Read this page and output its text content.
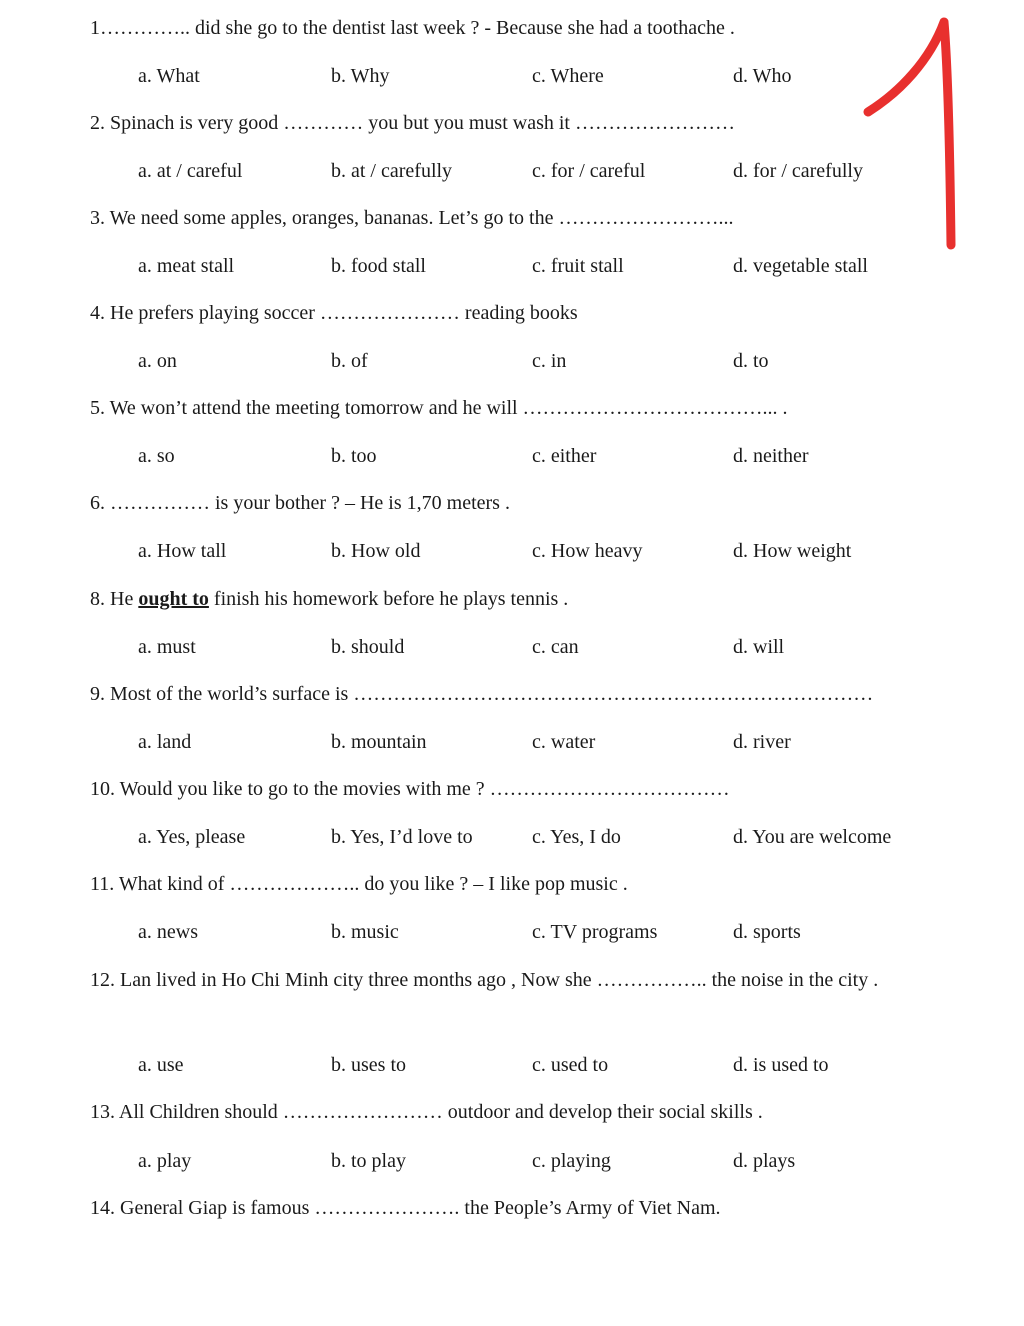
1………….. did she go to the dentist last week ? - Because she had a toothache .
a. What	b. Why	c. Where	d. Who
2. Spinach is very good ………… you but you must wash it ……………………
a. at / careful	b. at / carefully	c. for / careful	d. for / carefully
3. We need some apples, oranges, bananas. Let’s go to the ……………………...
a. meat stall	b. food stall	c. fruit stall	d. vegetable stall
4. He prefers playing soccer ………………… reading books
a. on	b. of	c. in	d. to
5. We won’t attend the meeting tomorrow and he will ………………………………... .
a. so	b. too	c. either	d. neither
6. …………… is your bother ? – He is 1,70 meters .
a. How tall	b. How old	c. How heavy	d. How weight
8. He ought to finish his homework before he plays tennis .
a. must	b. should	c. can	d. will
9. Most of the world’s surface is ……………………………………………………………………
a. land	b. mountain	c. water	d. river
10. Would you like to go to the movies with me ? ………………………………
a. Yes, please	b. Yes, I’d love to	c. Yes, I do	d. You are welcome
11. What kind of ……………….. do you like ? – I like pop music .
a. news	b. music	c. TV programs	d. sports
12. Lan lived in Ho Chi Minh city three months ago , Now she …………….. the noise in the city .
a. use	b. uses to	c. used to	d. is used to
13. All Children should …………………… outdoor and develop their social skills .
a. play	b. to play	c. playing	d. plays
14. General Giap is famous …………………. the People’s Army of Viet Nam.
